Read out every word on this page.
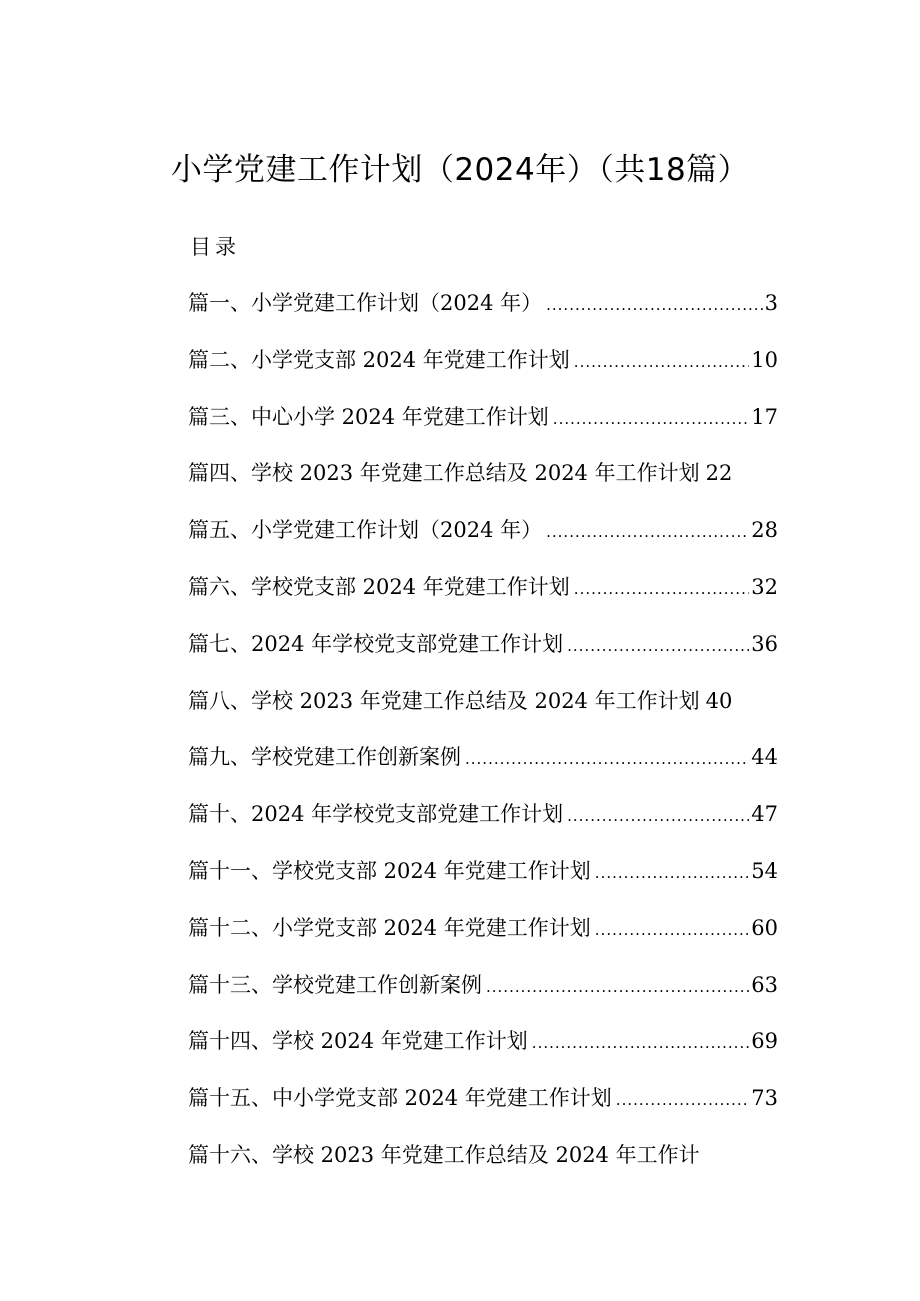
小学党建工作计划（2024年）（共18篇）
目录
篇一、小学党建工作计划（2024 年） .....	3
篇二、小学党支部 2024 年党建工作计划 .....	10
篇三、中心小学 2024 年党建工作计划 .....	17
篇四、学校 2023 年党建工作总结及 2024 年工作计划 22
篇五、小学党建工作计划（2024 年） .....	28
篇六、学校党支部 2024 年党建工作计划 .....	32
篇七、2024 年学校党支部党建工作计划 .....	36
篇八、学校 2023 年党建工作总结及 2024 年工作计划 40
篇九、学校党建工作创新案例 .....	44
篇十、2024 年学校党支部党建工作计划 .....	47
篇十一、学校党支部 2024 年党建工作计划 .....	54
篇十二、小学党支部 2024 年党建工作计划 .....	60
篇十三、学校党建工作创新案例 .....	63
篇十四、学校 2024 年党建工作计划 .....	69
篇十五、中小学党支部 2024 年党建工作计划 .....	73
篇十六、学校 2023 年党建工作总结及 2024 年工作计
